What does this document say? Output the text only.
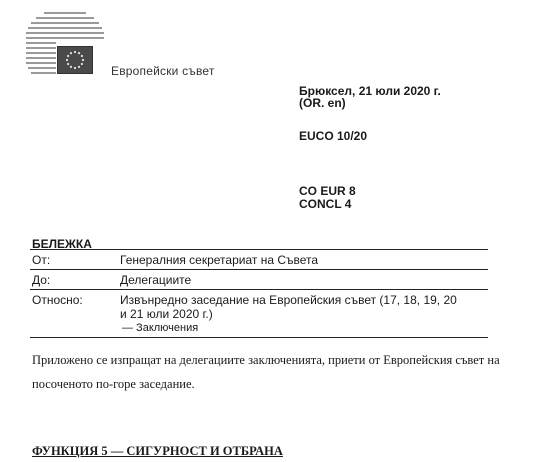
Европейски съвет
Брюксел, 21 юли 2020 г.
(OR. en)
EUCO 10/20
CO EUR 8
CONCL 4
БЕЛЕЖКА
От:	Генералния секретариат на Съвета
До:	Делегациите
Относно:	Извънредно заседание на Европейския съвет (17, 18, 19, 20 и 21 юли 2020 г.)
— Заключения
Приложено се изпращат на делегациите заключенията, приети от Европейския съвет на посоченото по-горе заседание.
ФУНКЦИЯ 5 — СИГУРНОСТ И ОТБРАНА
